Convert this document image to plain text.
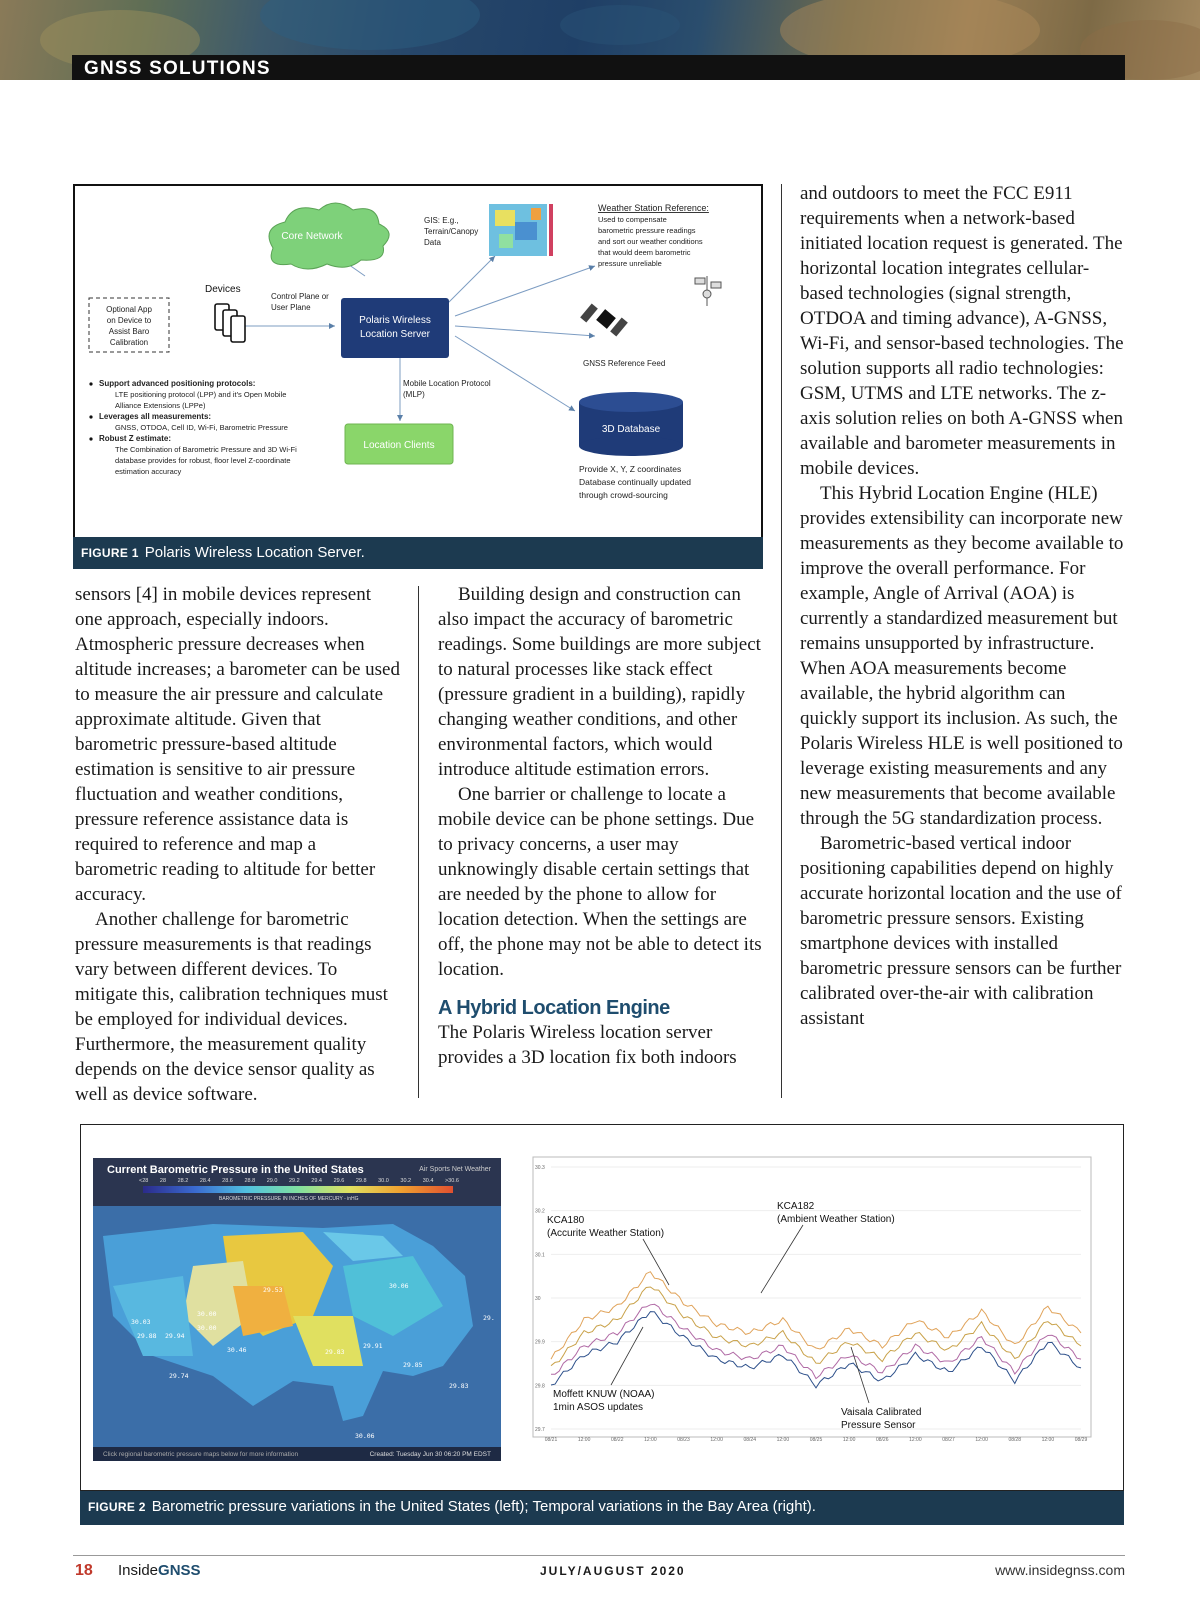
GNSS SOLUTIONS
Core Network
GIS: E.g.,
Terrain/Canopy
Data
Weather Station Reference:
Used to compensate
barometric pressure readings
and sort our weather conditions
that would deem barometric
pressure unreliable
Devices
Optional App
on Device to
Assist Baro
Calibration
Control Plane or
User Plane
Polaris Wireless
Location Server
GNSS Reference Feed
Support advanced positioning protocols:
LTE positioning protocol (LPP) and it's Open Mobile
Alliance Extensions (LPPe)
Leverages all measurements:
GNSS, OTDOA, Cell ID, Wi-Fi, Barometric Pressure
Robust Z estimate:
The Combination of Barometric Pressure and 3D Wi-Fi
database provides for robust, floor level Z-coordinate
estimation accuracy
Mobile Location Protocol
(MLP)
Location Clients
3D Database
Provide X, Y, Z coordinates
Database continually updated
through crowd-sourcing
FIGURE 1 Polaris Wireless Location Server.

sensors [4] in mobile devices represent one approach, especially indoors. Atmospheric pressure decreases when altitude increases; a barometer can be used to measure the air pressure and calculate approximate altitude. Given that barometric pressure-based altitude estimation is sensitive to air pressure fluctuation and weather conditions, pressure reference assistance data is required to reference and map a barometric reading to altitude for better accuracy.

Another challenge for barometric pressure measurements is that readings vary between different devices. To mitigate this, calibration techniques must be employed for individual devices. Furthermore, the measurement quality depends on the device sensor quality as well as device software.

Building design and construction can also impact the accuracy of barometric readings. Some buildings are more subject to natural processes like stack effect (pressure gradient in a building), rapidly changing weather conditions, and other environmental factors, which would introduce altitude estimation errors.

One barrier or challenge to locate a mobile device can be phone settings. Due to privacy concerns, a user may unknowingly disable certain settings that are needed by the phone to allow for location detection. When the settings are off, the phone may not be able to detect its location.

A Hybrid Location Engine

The Polaris Wireless location server provides a 3D location fix both indoors

and outdoors to meet the FCC E911 requirements when a network-based initiated location request is generated. The horizontal location integrates cellular-based technologies (signal strength, OTDOA and timing advance), A-GNSS, Wi-Fi, and sensor-based technologies. The solution supports all radio technologies: GSM, UTMS and LTE networks. The z-axis solution relies on both A-GNSS when available and barometer measurements in mobile devices.

This Hybrid Location Engine (HLE) provides extensibility can incorporate new measurements as they become available to improve the overall performance. For example, Angle of Arrival (AOA) is currently a standardized measurement but remains unsupported by infrastructure. When AOA measurements become available, the hybrid algorithm can quickly support its inclusion. As such, the Polaris Wireless HLE is well positioned to leverage existing measurements and any new measurements that become available through the 5G standardization process.

Barometric-based vertical indoor positioning capabilities depend on highly accurate horizontal location and the use of barometric pressure sensors. Existing smartphone devices with installed barometric pressure sensors can be further calibrated over-the-air with calibration assistant

Current Barometric Pressure in the United States	Air Sports Net Weather
<28 28 28.2 28.4 28.6 28.8 29.0 29.2 29.4 29.6 29.8 30.0 30.2 30.4 >30.6
BAROMETRIC PRESSURE IN INCHES OF MERCURY - inHG
29.53	30.06
30.00
30.00
30.03
29.88 29.94
30.46
29.74
29.85
29.91
29.83
29.83
30.06
29.
Click regional barometric pressure maps below for more information	Created: Tuesday Jun 30 06:20 PM EDST
30.3
30.2
30.1
30
29.9
29.8
29.7
08/21	12:00	08/22	12:00	08/23	12:00	08/24	12:00	08/25	12:00	08/26	12:00	08/27	12:00	08/28	12:00	08/29
KCA180
(Accurite Weather Station)
KCA182
(Ambient Weather Station)
Moffett KNUW (NOAA)
1min ASOS updates	Vaisala Calibrated
Pressure Sensor
FIGURE 2 Barometric pressure variations in the United States (left); Temporal variations in the Bay Area (right).
18 InsideGNSS	JULY/AUGUST 2020	www.insidegnss.com
